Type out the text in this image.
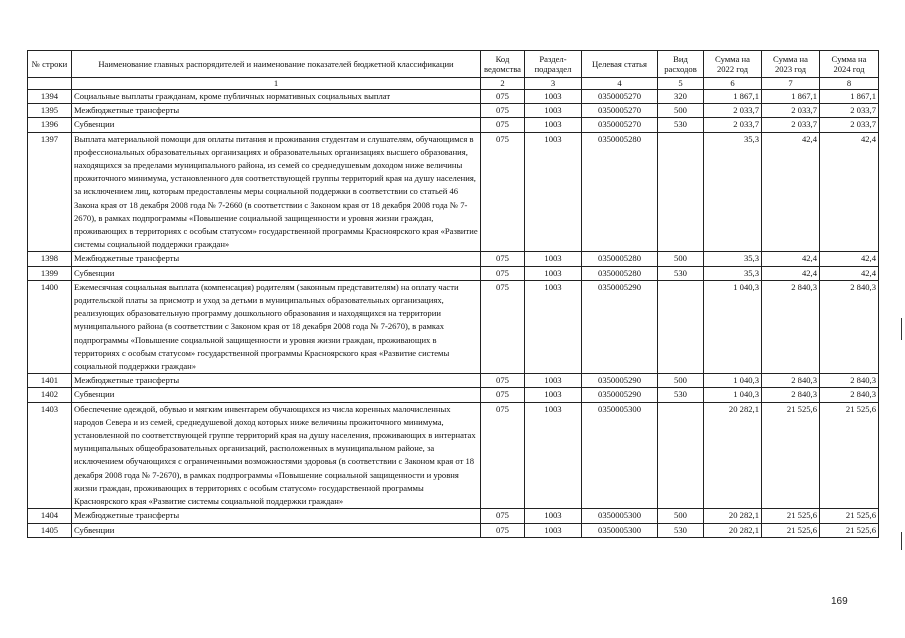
№ строки	Наименование главных распорядителей и наименование показателей бюджетной классификации	Код ведомства	Раздел-подраздел	Целевая статья	Вид расходов	Сумма на 2022 год	Сумма на 2023 год	Сумма на 2024 год
	1	2	3	4	5	6	7	8
1394	Социальные выплаты гражданам, кроме публичных нормативных социальных выплат	075	1003	0350005270	320	1 867,1	1 867,1	1 867,1
1395	Межбюджетные трансферты	075	1003	0350005270	500	2 033,7	2 033,7	2 033,7
1396	Субвенции	075	1003	0350005270	530	2 033,7	2 033,7	2 033,7
1397	Выплата материальной помощи для оплаты питания и проживания студентам и слушателям, обучающимся в профессиональных образовательных организациях и образовательных организациях высшего образования, находящихся за пределами муниципального района, из семей со среднедушевым доходом ниже величины прожиточного минимума, установленного для соответствующей группы территорий края на душу населения, за исключением лиц, которым предоставлены меры социальной поддержки в соответствии со статьей 46 Закона края от 18 декабря 2008 года № 7-2660 (в соответствии с Законом края от 18 декабря 2008 года № 7-2670), в рамках подпрограммы «Повышение социальной защищенности и уровня жизни граждан, проживающих в территориях с особым статусом» государственной программы Красноярского края «Развитие системы социальной поддержки граждан»	075	1003	0350005280		35,3	42,4	42,4
1398	Межбюджетные трансферты	075	1003	0350005280	500	35,3	42,4	42,4
1399	Субвенции	075	1003	0350005280	530	35,3	42,4	42,4
1400	Ежемесячная социальная выплата (компенсация) родителям (законным представителям) на оплату части родительской платы за присмотр и уход за детьми в муниципальных образовательных организациях, реализующих образовательную программу дошкольного образования и находящихся на территории муниципального района (в соответствии с Законом края от 18 декабря 2008 года № 7-2670), в рамках подпрограммы «Повышение социальной защищенности и уровня жизни граждан, проживающих в территориях с особым статусом» государственной программы Красноярского края «Развитие системы социальной поддержки граждан»	075	1003	0350005290		1 040,3	2 840,3	2 840,3
1401	Межбюджетные трансферты	075	1003	0350005290	500	1 040,3	2 840,3	2 840,3
1402	Субвенции	075	1003	0350005290	530	1 040,3	2 840,3	2 840,3
1403	Обеспечение одеждой, обувью и мягким инвентарем обучающихся из числа коренных малочисленных народов Севера и из семей, среднедушевой доход которых ниже величины прожиточного минимума, установленной по соответствующей группе территорий края на душу населения, проживающих в интернатах муниципальных общеобразовательных организаций, расположенных в муниципальном районе, за исключением обучающихся с ограниченными возможностями здоровья (в соответствии с Законом края от 18 декабря 2008 года № 7-2670), в рамках подпрограммы «Повышение социальной защищенности и уровня жизни граждан, проживающих в территориях с особым статусом» государственной программы Красноярского края «Развитие системы социальной поддержки граждан»	075	1003	0350005300		20 282,1	21 525,6	21 525,6
1404	Межбюджетные трансферты	075	1003	0350005300	500	20 282,1	21 525,6	21 525,6
1405	Субвенции	075	1003	0350005300	530	20 282,1	21 525,6	21 525,6
169
